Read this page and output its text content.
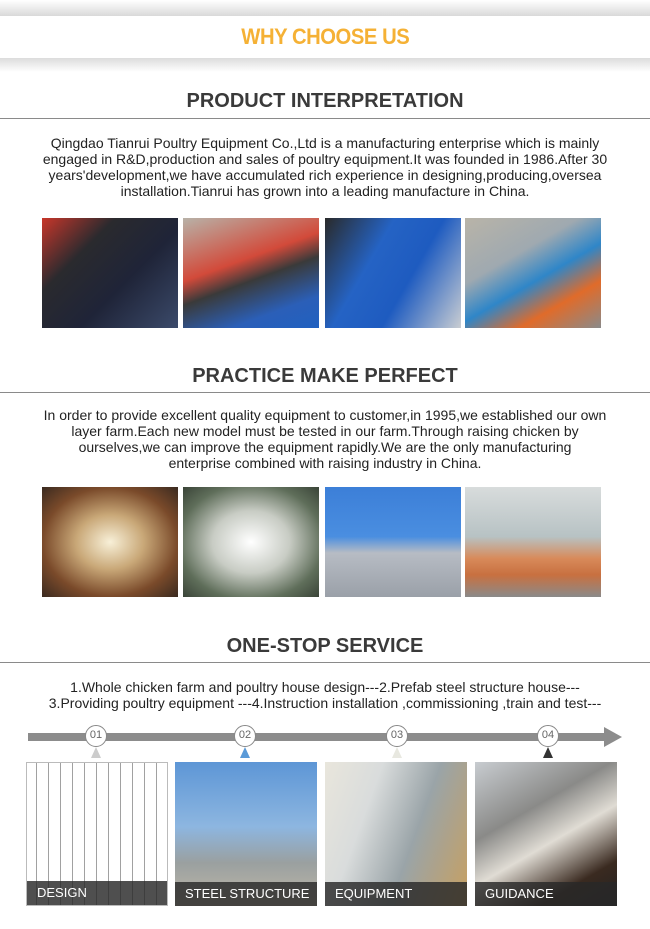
WHY CHOOSE US
PRODUCT INTERPRETATION
Qingdao Tianrui Poultry Equipment Co.,Ltd is a manufacturing enterprise which is mainly
engaged in R&D,production and sales of poultry equipment.It was founded in 1986.After 30
years'development,we have accumulated rich experience in designing,producing,oversea
installation.Tianrui has grown into a leading manufacture in China.
PRACTICE MAKE PERFECT
In order to provide excellent quality equipment to customer,in 1995,we established our own
layer farm.Each new model must be tested in our farm.Through raising chicken by
ourselves,we can improve the equipment rapidly.We are the only manufacturing
enterprise combined with raising industry in China.
ONE-STOP SERVICE
1.Whole chicken farm and poultry house design---2.Prefab steel structure house---
3.Providing poultry equipment ---4.Instruction installation ,commissioning ,train and test---
01	02	03	04
DESIGN	STEEL STRUCTURE	EQUIPMENT	GUIDANCE
